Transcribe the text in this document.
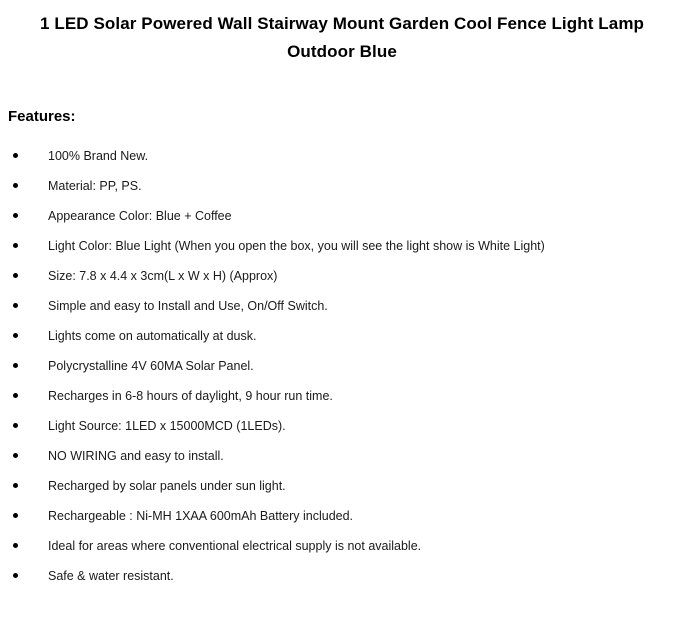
1 LED Solar Powered Wall Stairway Mount Garden Cool Fence Light Lamp Outdoor Blue
Features:
100% Brand New.
Material: PP, PS.
Appearance Color: Blue + Coffee
Light Color: Blue Light (When you open the box, you will see the light show is White Light)
Size: 7.8 x 4.4 x 3cm(L x W x H) (Approx)
Simple and easy to Install and Use, On/Off Switch.
Lights come on automatically at dusk.
Polycrystalline 4V 60MA Solar Panel.
Recharges in 6-8 hours of daylight, 9 hour run time.
Light Source: 1LED x 15000MCD (1LEDs).
NO WIRING and easy to install.
Recharged by solar panels under sun light.
Rechargeable : Ni-MH 1XAA 600mAh Battery included.
Ideal for areas where conventional electrical supply is not available.
Safe & water resistant.
